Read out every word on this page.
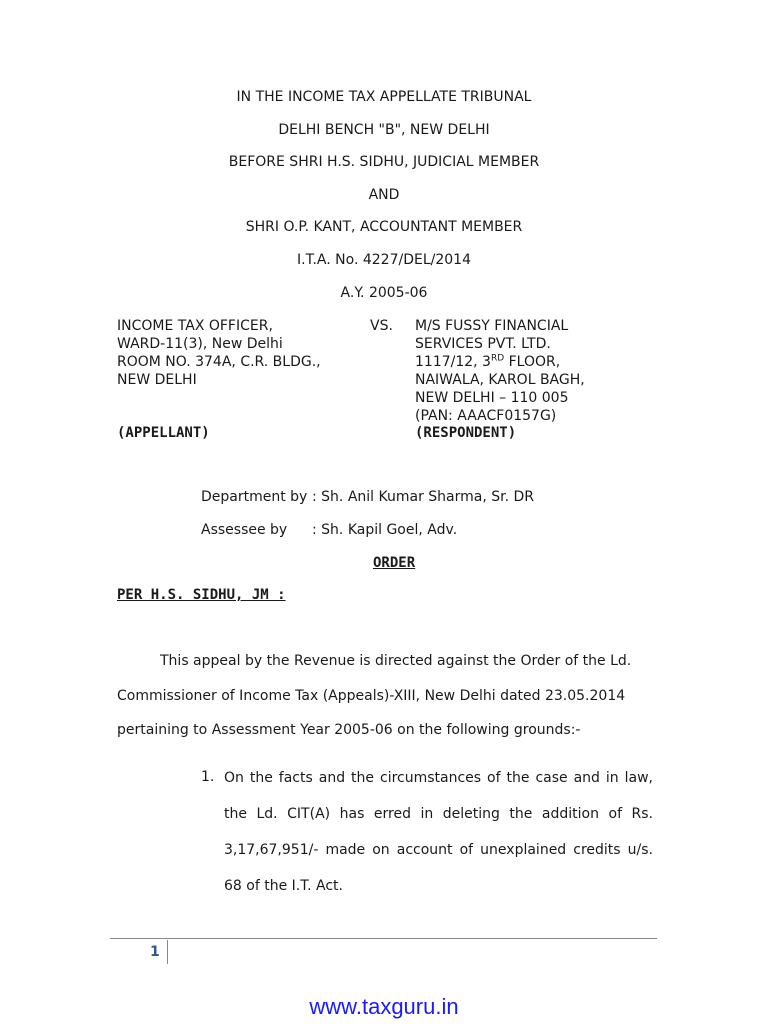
IN THE INCOME TAX APPELLATE TRIBUNAL
DELHI BENCH "B", NEW DELHI
BEFORE SHRI H.S. SIDHU, JUDICIAL MEMBER
AND
SHRI O.P. KANT, ACCOUNTANT MEMBER
I.T.A. No. 4227/DEL/2014
A.Y. 2005-06
INCOME TAX OFFICER,
WARD-11(3), New Delhi
ROOM NO. 374A, C.R. BLDG.,
NEW DELHI
VS. M/S FUSSY FINANCIAL
SERVICES PVT. LTD.
1117/12, 3RD FLOOR,
NAIWALA, KAROL BAGH,
NEW DELHI – 110 005
(PAN: AAACF0157G)
(APPELLANT)	(RESPONDENT)
Department by : Sh. Anil Kumar Sharma, Sr. DR
Assessee by : Sh. Kapil Goel, Adv.
ORDER
PER H.S. SIDHU, JM :
This appeal by the Revenue is directed against the Order of the Ld.
Commissioner of Income Tax (Appeals)-XIII, New Delhi dated 23.05.2014
pertaining to Assessment Year 2005-06 on the following grounds:-
1. On the facts and the circumstances of the case and in law,
the Ld. CIT(A) has erred in deleting the addition of Rs.
3,17,67,951/- made on account of unexplained credits u/s.
68 of the I.T. Act.
1
www.taxguru.in
